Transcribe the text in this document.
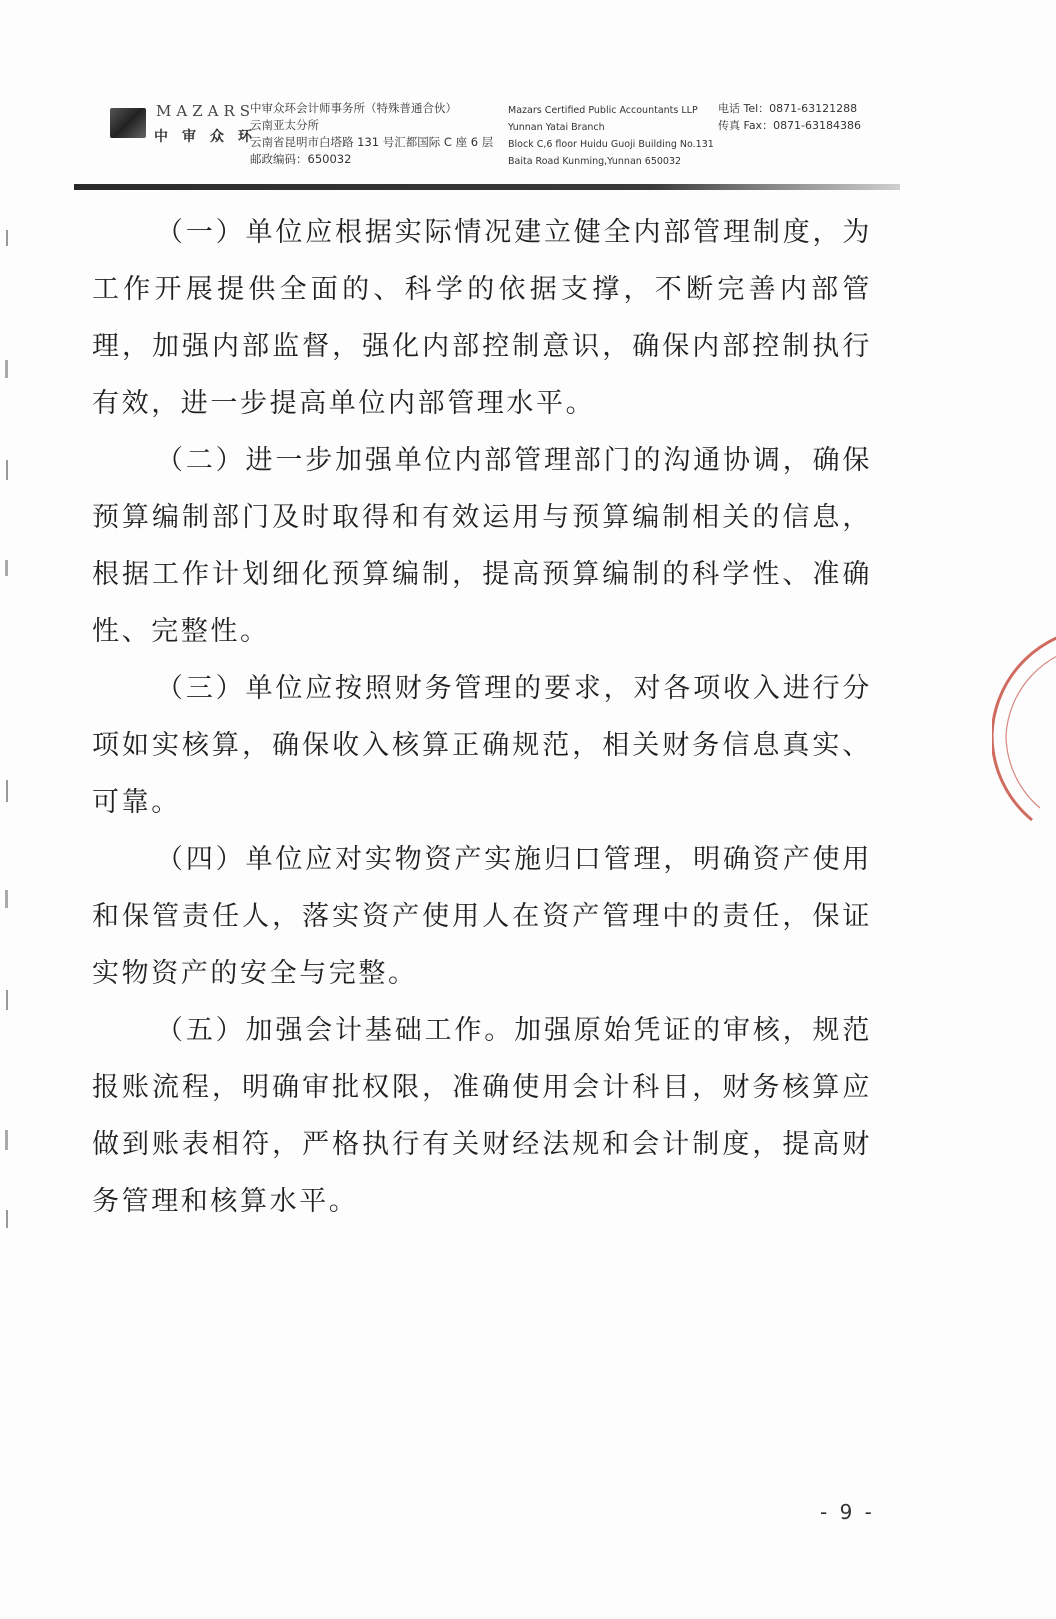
MAZARS
中审众环
中审众环会计师事务所（特殊普通合伙）
云南亚太分所
云南省昆明市白塔路 131 号汇都国际 C 座 6 层
邮政编码：650032
Mazars Certified Public Accountants LLP
Yunnan Yatai Branch
Block C,6 floor Huidu Guoji Building No.131
Baita Road Kunming,Yunnan 650032
电话 Tel：0871-63121288
传真 Fax：0871-63184386

（一）单位应根据实际情况建立健全内部管理制度，为工作开展提供全面的、科学的依据支撑，不断完善内部管理，加强内部监督，强化内部控制意识，确保内部控制执行有效，进一步提高单位内部管理水平。

（二）进一步加强单位内部管理部门的沟通协调，确保预算编制部门及时取得和有效运用与预算编制相关的信息，根据工作计划细化预算编制，提高预算编制的科学性、准确性、完整性。

（三）单位应按照财务管理的要求，对各项收入进行分项如实核算，确保收入核算正确规范，相关财务信息真实、可靠。

（四）单位应对实物资产实施归口管理，明确资产使用和保管责任人，落实资产使用人在资产管理中的责任，保证实物资产的安全与完整。

（五）加强会计基础工作。加强原始凭证的审核，规范报账流程，明确审批权限，准确使用会计科目，财务核算应做到账表相符，严格执行有关财经法规和会计制度，提高财务管理和核算水平。

- 9 -
